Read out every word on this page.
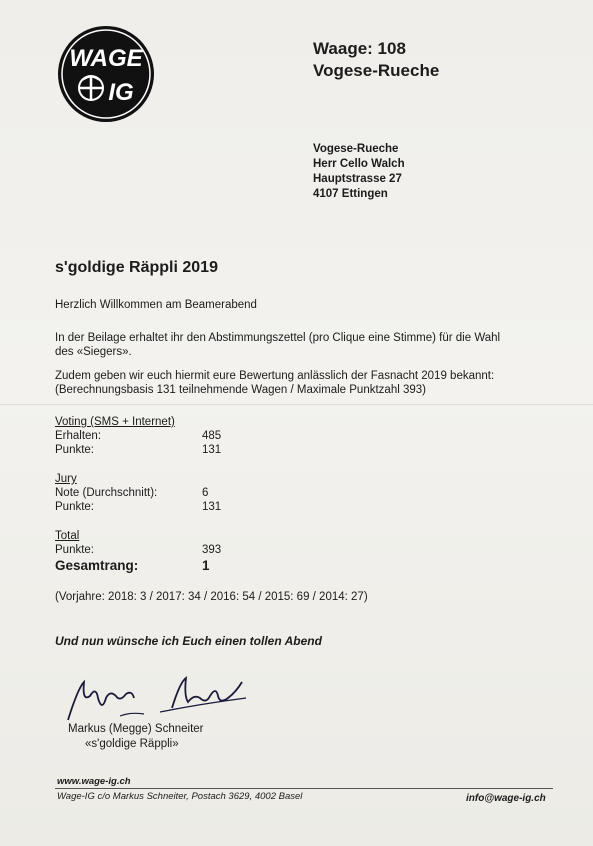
WAGE
IG
Waage: 108
Vogese-Rueche
Vogese-Rueche
Herr Cello Walch
Hauptstrasse 27
4107 Ettingen
s'goldige Räppli 2019
Herzlich Willkommen am Beamerabend
In der Beilage erhaltet ihr den Abstimmungszettel (pro Clique eine Stimme) für die Wahl
des «Siegers».
Zudem geben wir euch hiermit eure Bewertung anlässlich der Fasnacht 2019 bekannt:
(Berechnungsbasis 131 teilnehmende Wagen / Maximale Punktzahl 393)
Voting (SMS + Internet)
Erhalten:	485
Punkte:	131
Jury
Note (Durchschnitt):	6
Punkte:	131
Total
Punkte:	393
Gesamtrang:	1
(Vorjahre: 2018: 3 / 2017: 34 / 2016: 54 / 2015: 69 / 2014: 27)
Und nun wünsche ich Euch einen tollen Abend
Markus (Megge) Schneiter
«s'goldige Räppli»
www.wage-ig.ch
Wage-IG c/o Markus Schneiter, Postach 3629, 4002 Basel	info@wage-ig.ch
